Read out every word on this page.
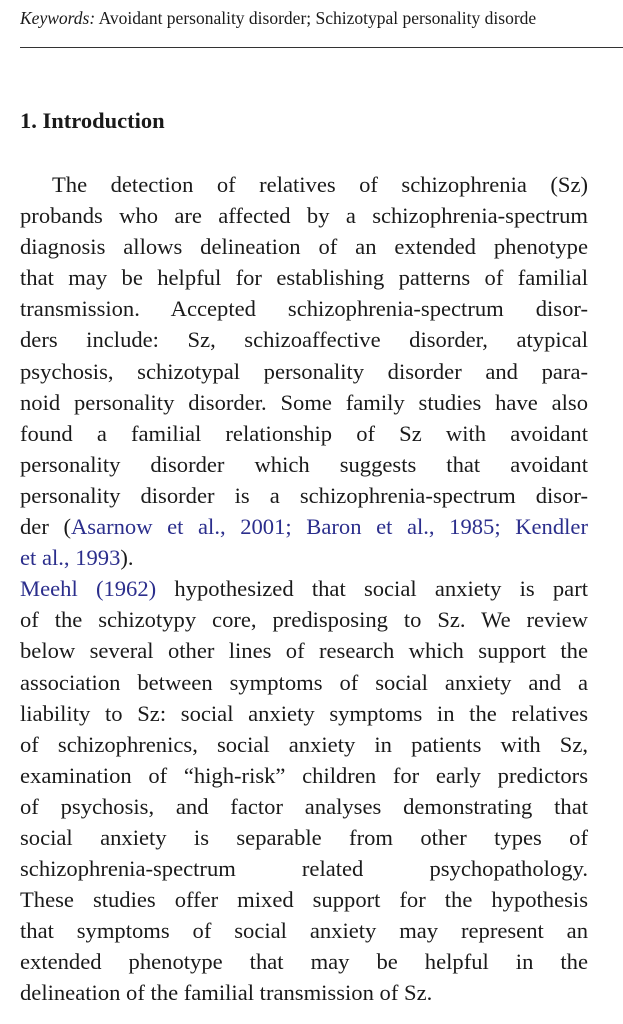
Keywords: Avoidant personality disorder; Schizotypal personality disorde
1. Introduction
The detection of relatives of schizophrenia (Sz)
probands who are affected by a schizophrenia-spectrum
diagnosis allows delineation of an extended phenotype
that may be helpful for establishing patterns of familial
transmission. Accepted schizophrenia-spectrum disor-
ders include: Sz, schizoaffective disorder, atypical
psychosis, schizotypal personality disorder and para-
noid personality disorder. Some family studies have also
found a familial relationship of Sz with avoidant
personality disorder which suggests that avoidant
personality disorder is a schizophrenia-spectrum disor-
der (Asarnow et al., 2001; Baron et al., 1985; Kendler
et al., 1993).
Meehl (1962) hypothesized that social anxiety is part
of the schizotypy core, predisposing to Sz. We review
below several other lines of research which support the
association between symptoms of social anxiety and a
liability to Sz: social anxiety symptoms in the relatives
of schizophrenics, social anxiety in patients with Sz,
examination of “high-risk” children for early predictors
of psychosis, and factor analyses demonstrating that
social anxiety is separable from other types of
schizophrenia-spectrum related psychopathology.
These studies offer mixed support for the hypothesis
that symptoms of social anxiety may represent an
extended phenotype that may be helpful in the
delineation of the familial transmission of Sz.
